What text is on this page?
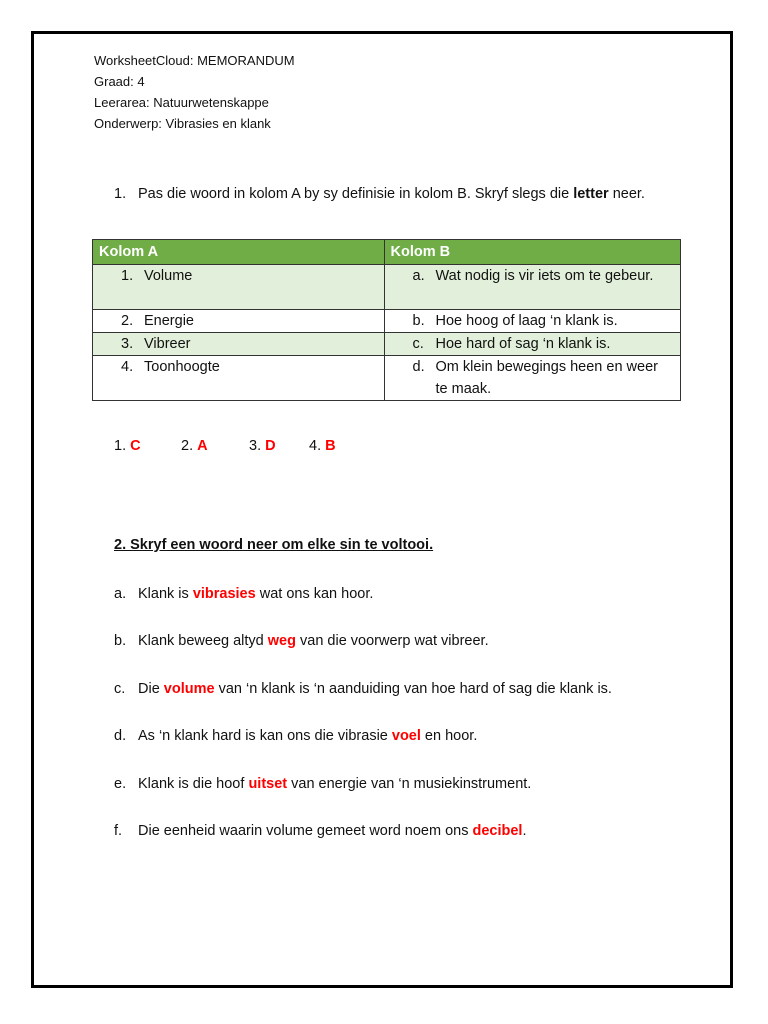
WorksheetCloud: MEMORANDUM
Graad: 4
Leerarea: Natuurwetenskappe
Onderwerp: Vibrasies en klank
1. Pas die woord in kolom A by sy definisie in kolom B. Skryf slegs die letter neer.
Kolom A	Kolom B

1. Volume	a. Wat nodig is vir iets om te gebeur.

2. Energie	b. Hoe hoog of laag ‘n klank is.

3. Vibreer	c. Hoe hard of sag ‘n klank is.

4. Toonhoogte	d. Om klein bewegings heen en weer te maak.
1. C	2. A	3. D 4. B
2. Skryf een woord neer om elke sin te voltooi.
a. Klank is vibrasies wat ons kan hoor.
b. Klank beweeg altyd weg van die voorwerp wat vibreer.
c. Die volume van ‘n klank is ‘n aanduiding van hoe hard of sag die klank is.
d. As ‘n klank hard is kan ons die vibrasie voel en hoor.
e. Klank is die hoof uitset van energie van ‘n musiekinstrument.
f. Die eenheid waarin volume gemeet word noem ons decibel.
